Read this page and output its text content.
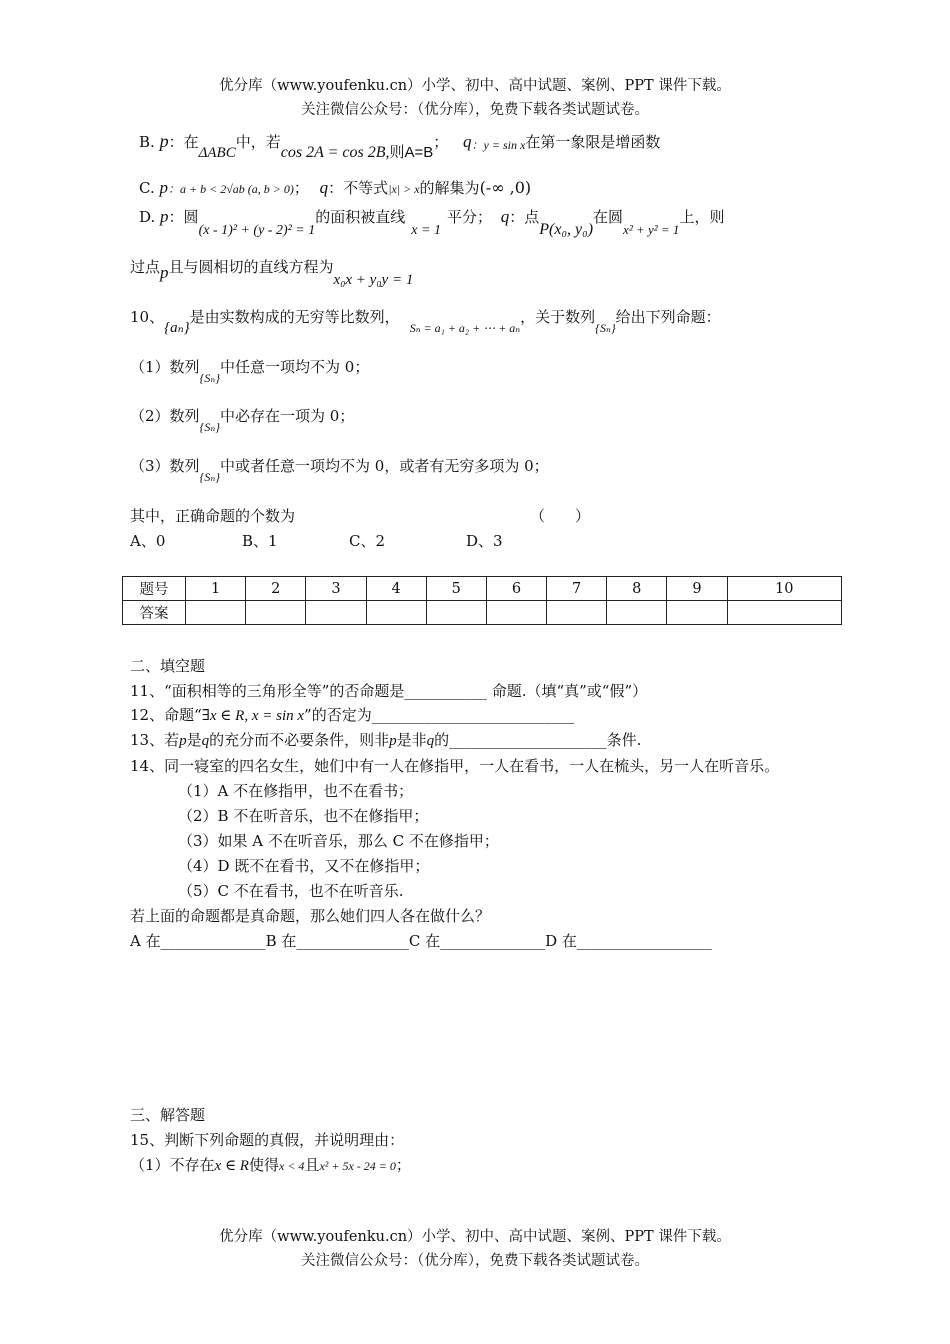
优分库（www.youfenku.cn）小学、初中、高中试题、案例、PPT 课件下载。
关注微信公众号：（优分库），免费下载各类试题试卷。
B. p：在ΔABC中，若cos 2A = cos 2B,则A=B； q：y = sin x在第一象限是增函数
C. p：a + b < 2√ab (a, b > 0)； q：不等式|x| > x的解集为(-∞ ,0)
D. p：圆(x - 1)² + (y - 2)² = 1的面积被直线x = 1平分； q：点P(x₀, y₀)在圆x² + y² = 1上，则
过点p且与圆相切的直线方程为x₀x + y₀y = 1
10、{aₙ}是由实数构成的无穷等比数列，$_{S_n = a_1 + a_2 + \cdots + a_n}$，关于数列$_{\{S_n\}}$给出下列命题：
（1）数列$_{\{S_n\}}$中任意一项均不为 0；
（2）数列$_{\{S_n\}}$中必存在一项为 0；
（3）数列$_{\{S_n\}}$中或者任意一项均不为 0，或者有无穷多项为 0；
其中，正确命题的个数为	（　　）
A、0	B、1	C、2	D、3
题号	1	2	3	4	5	6	7	8	9	10
答案										
二、填空题
11、“面积相等的三角形全等”的否命题是___________ 命题.（填“真”或“假”）
12、命题“∃x ∈ R, x = sin x”的否定为___________________________
13、若p是q的充分而不必要条件，则非p是非q的_____________________条件.
14、同一寝室的四名女生，她们中有一人在修指甲，一人在看书，一人在梳头，另一人在听音乐。
（1）A 不在修指甲，也不在看书；
（2）B 不在听音乐，也不在修指甲；
（3）如果 A 不在听音乐，那么 C 不在修指甲；
（4）D 既不在看书，又不在修指甲；
（5）C 不在看书，也不在听音乐.
若上面的命题都是真命题，那么她们四人各在做什么？
A 在______________B 在_______________C 在______________D 在__________________
三、解答题
15、判断下列命题的真假，并说明理由：
（1）不存在x ∈ R使得x < 4且x² + 5x - 24 = 0；
优分库（www.youfenku.cn）小学、初中、高中试题、案例、PPT 课件下载。
关注微信公众号：（优分库），免费下载各类试题试卷。
